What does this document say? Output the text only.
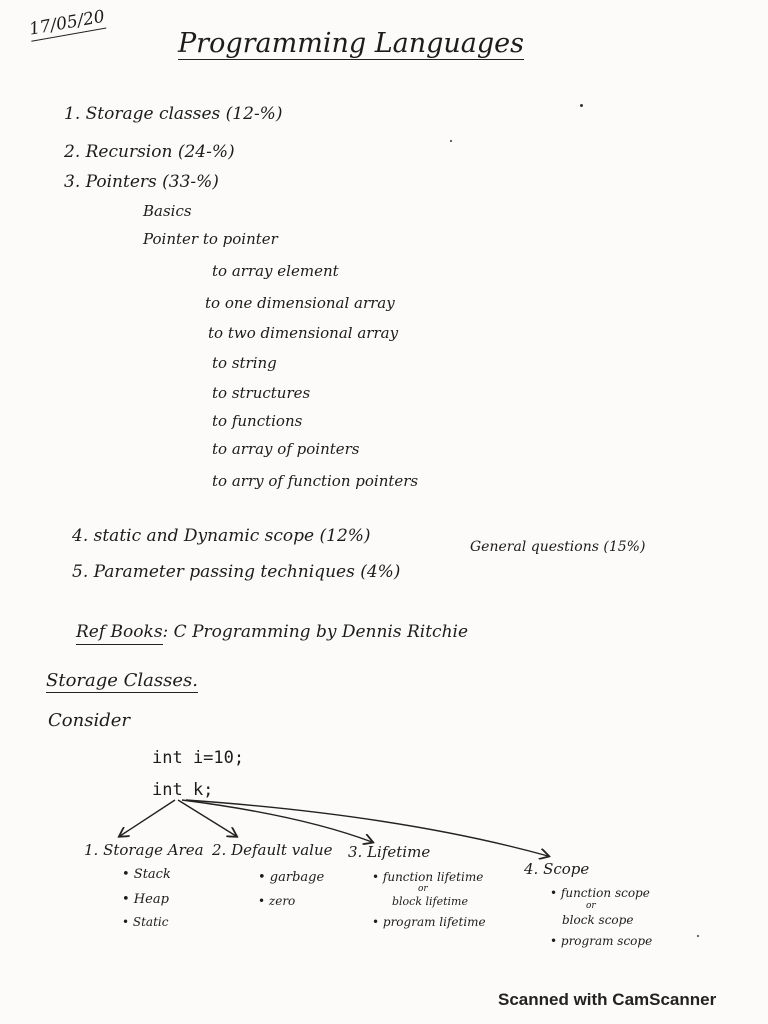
17/05/20
Programming Languages
1. Storage classes (12-%)
2. Recursion (24-%)
3. Pointers (33-%)
Basics
Pointer to pointer
to array element
to one dimensional array
to two dimensional array
to string
to structures
to functions
to array of pointers
to arry of function pointers
4. static and Dynamic scope (12%)
5. Parameter passing techniques (4%)
General questions (15%)
Ref Books: C Programming by Dennis Ritchie
Storage Classes.
Consider
int i=10;
int k;
1. Storage Area
• Stack
• Heap
• Static
2. Default value
• garbage
• zero
3. Lifetime
• function lifetime
or
block lifetime
• program lifetime
4. Scope
• function scope
or
block scope
• program scope
Scanned with CamScanner
